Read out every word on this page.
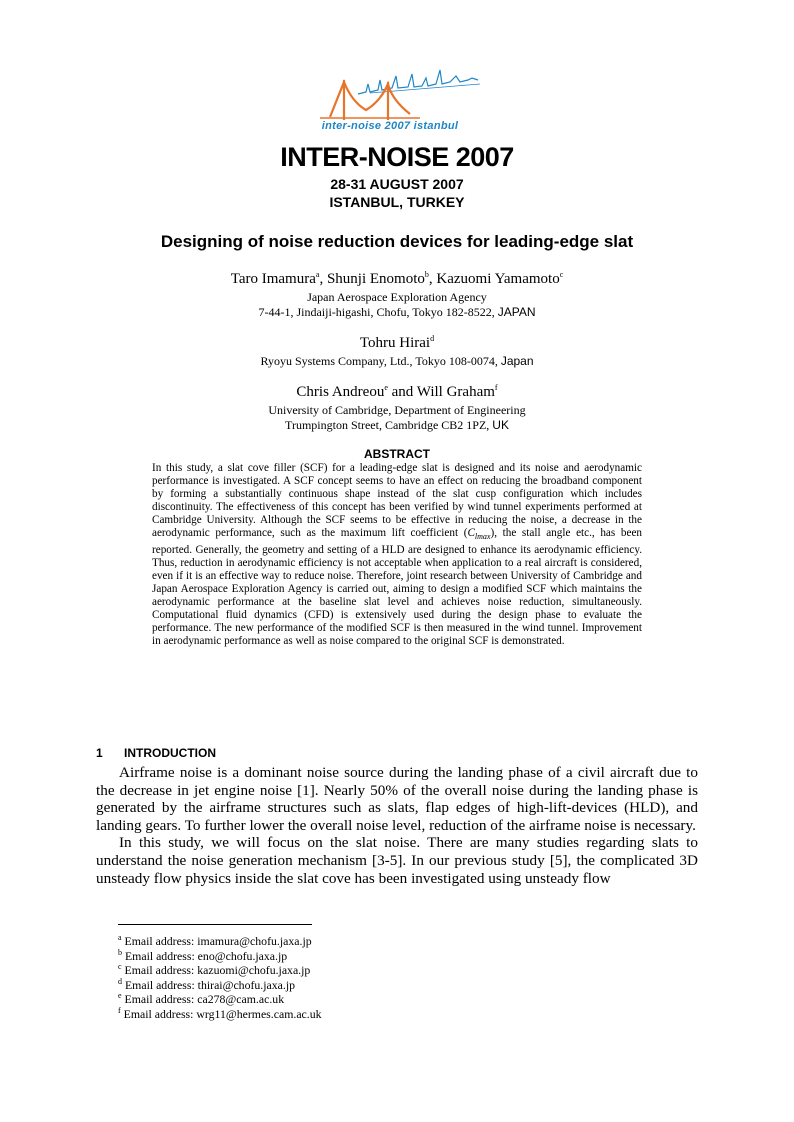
inter-noise 2007 istanbul
INTER-NOISE 2007
28-31 AUGUST 2007
ISTANBUL, TURKEY
Designing of noise reduction devices for leading-edge slat
Taro Imamura$^a$, Shunji Enomoto$^b$, Kazuomi Yamamoto$^c$
Japan Aerospace Exploration Agency
7-44-1, Jindaiji-higashi, Chofu, Tokyo 182-8522, JAPAN
Tohru Hirai$^d$
Ryoyu Systems Company, Ltd., Tokyo 108-0074, Japan
Chris Andreou$^e$ and Will Graham$^f$
University of Cambridge, Department of Engineering
Trumpington Street, Cambridge CB2 1PZ, UK
ABSTRACT
In this study, a slat cove filler (SCF) for a leading-edge slat is designed and its noise and aerodynamic performance is investigated. A SCF concept seems to have an effect on reducing the broadband component by forming a substantially continuous shape instead of the slat cusp configuration which includes discontinuity. The effectiveness of this concept has been verified by wind tunnel experiments performed at Cambridge University. Although the SCF seems to be effective in reducing the noise, a decrease in the aerodynamic performance, such as the maximum lift coefficient $(C_{lmax})$, the stall angle etc., has been reported. Generally, the geometry and setting of a HLD are designed to enhance its aerodynamic efficiency. Thus, reduction in aerodynamic efficiency is not acceptable when application to a real aircraft is considered, even if it is an effective way to reduce noise. Therefore, joint research between University of Cambridge and Japan Aerospace Exploration Agency is carried out, aiming to design a modified SCF which maintains the aerodynamic performance at the baseline slat level and achieves noise reduction, simultaneously. Computational fluid dynamics (CFD) is extensively used during the design phase to evaluate the performance. The new performance of the modified SCF is then measured in the wind tunnel. Improvement in aerodynamic performance as well as noise compared to the original SCF is demonstrated.
1 INTRODUCTION

Airframe noise is a dominant noise source during the landing phase of a civil aircraft due to the decrease in jet engine noise [1]. Nearly 50% of the overall noise during the landing phase is generated by the airframe structures such as slats, flap edges of high-lift-devices (HLD), and landing gears. To further lower the overall noise level, reduction of the airframe noise is necessary.

In this study, we will focus on the slat noise. There are many studies regarding slats to understand the noise generation mechanism [3-5]. In our previous study [5], the complicated 3D unsteady flow physics inside the slat cove has been investigated using unsteady flow

$^a$ Email address: imamura@chofu.jaxa.jp
$^b$ Email address: eno@chofu.jaxa.jp
$^c$ Email address: kazuomi@chofu.jaxa.jp
$^d$ Email address: thirai@chofu.jaxa.jp
$^e$ Email address: ca278@cam.ac.uk
$^f$ Email address: wrg11@hermes.cam.ac.uk
